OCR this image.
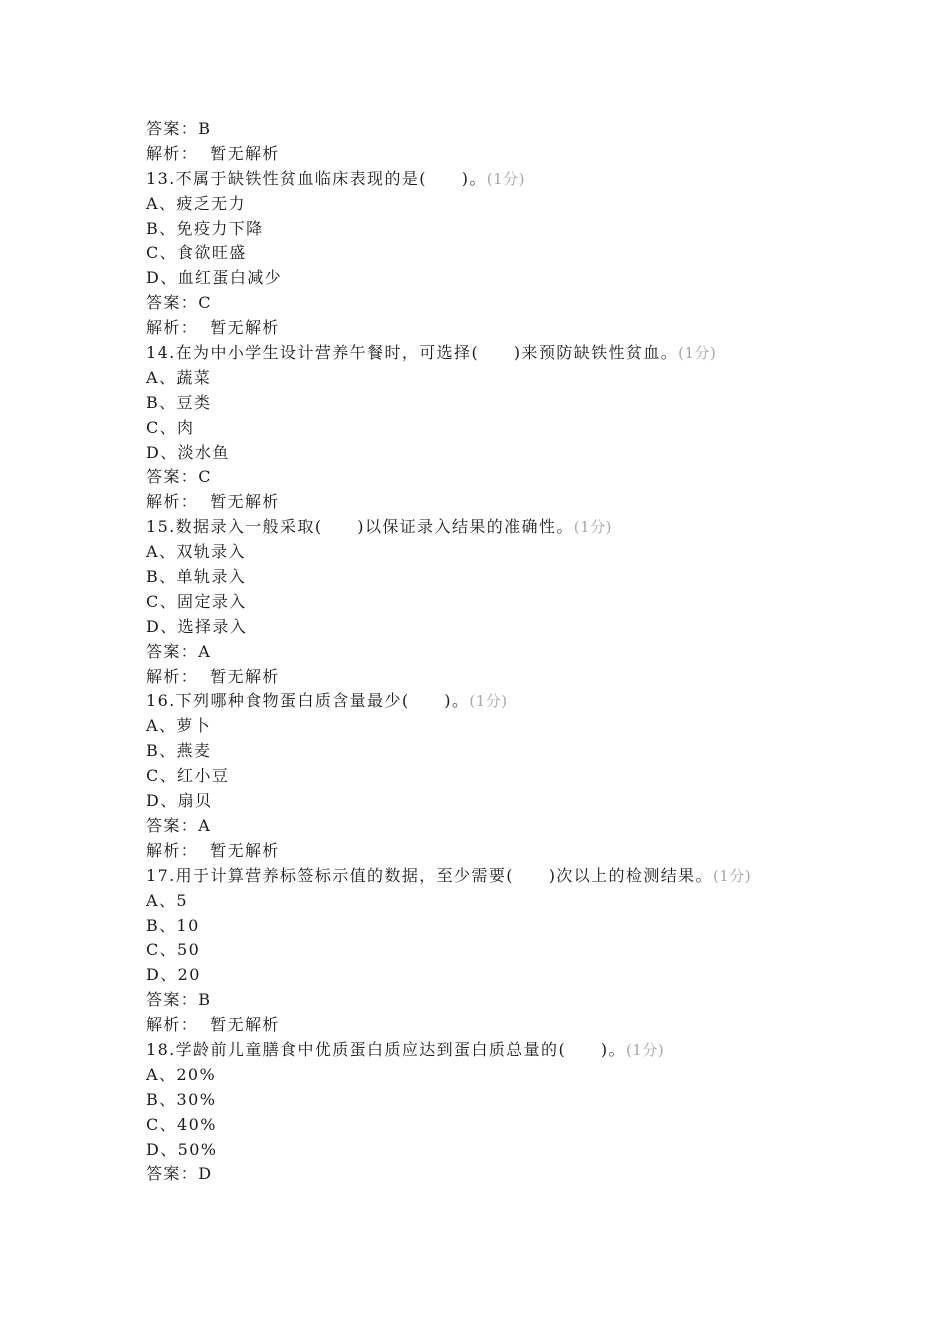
答案：B
解析： 暂无解析
13.不属于缺铁性贫血临床表现的是(　　)。(1分)
A、疲乏无力
B、免疫力下降
C、食欲旺盛
D、血红蛋白减少
答案：C
解析： 暂无解析
14.在为中小学生设计营养午餐时，可选择(　　)来预防缺铁性贫血。(1分)
A、蔬菜
B、豆类
C、肉
D、淡水鱼
答案：C
解析： 暂无解析
15.数据录入一般采取(　　)以保证录入结果的准确性。(1分)
A、双轨录入
B、单轨录入
C、固定录入
D、选择录入
答案：A
解析： 暂无解析
16.下列哪种食物蛋白质含量最少(　　)。(1分)
A、萝卜
B、燕麦
C、红小豆
D、扇贝
答案：A
解析： 暂无解析
17.用于计算营养标签标示值的数据，至少需要(　　)次以上的检测结果。(1分)
A、5
B、10
C、50
D、20
答案：B
解析： 暂无解析
18.学龄前儿童膳食中优质蛋白质应达到蛋白质总量的(　　)。(1分)
A、20%
B、30%
C、40%
D、50%
答案：D
